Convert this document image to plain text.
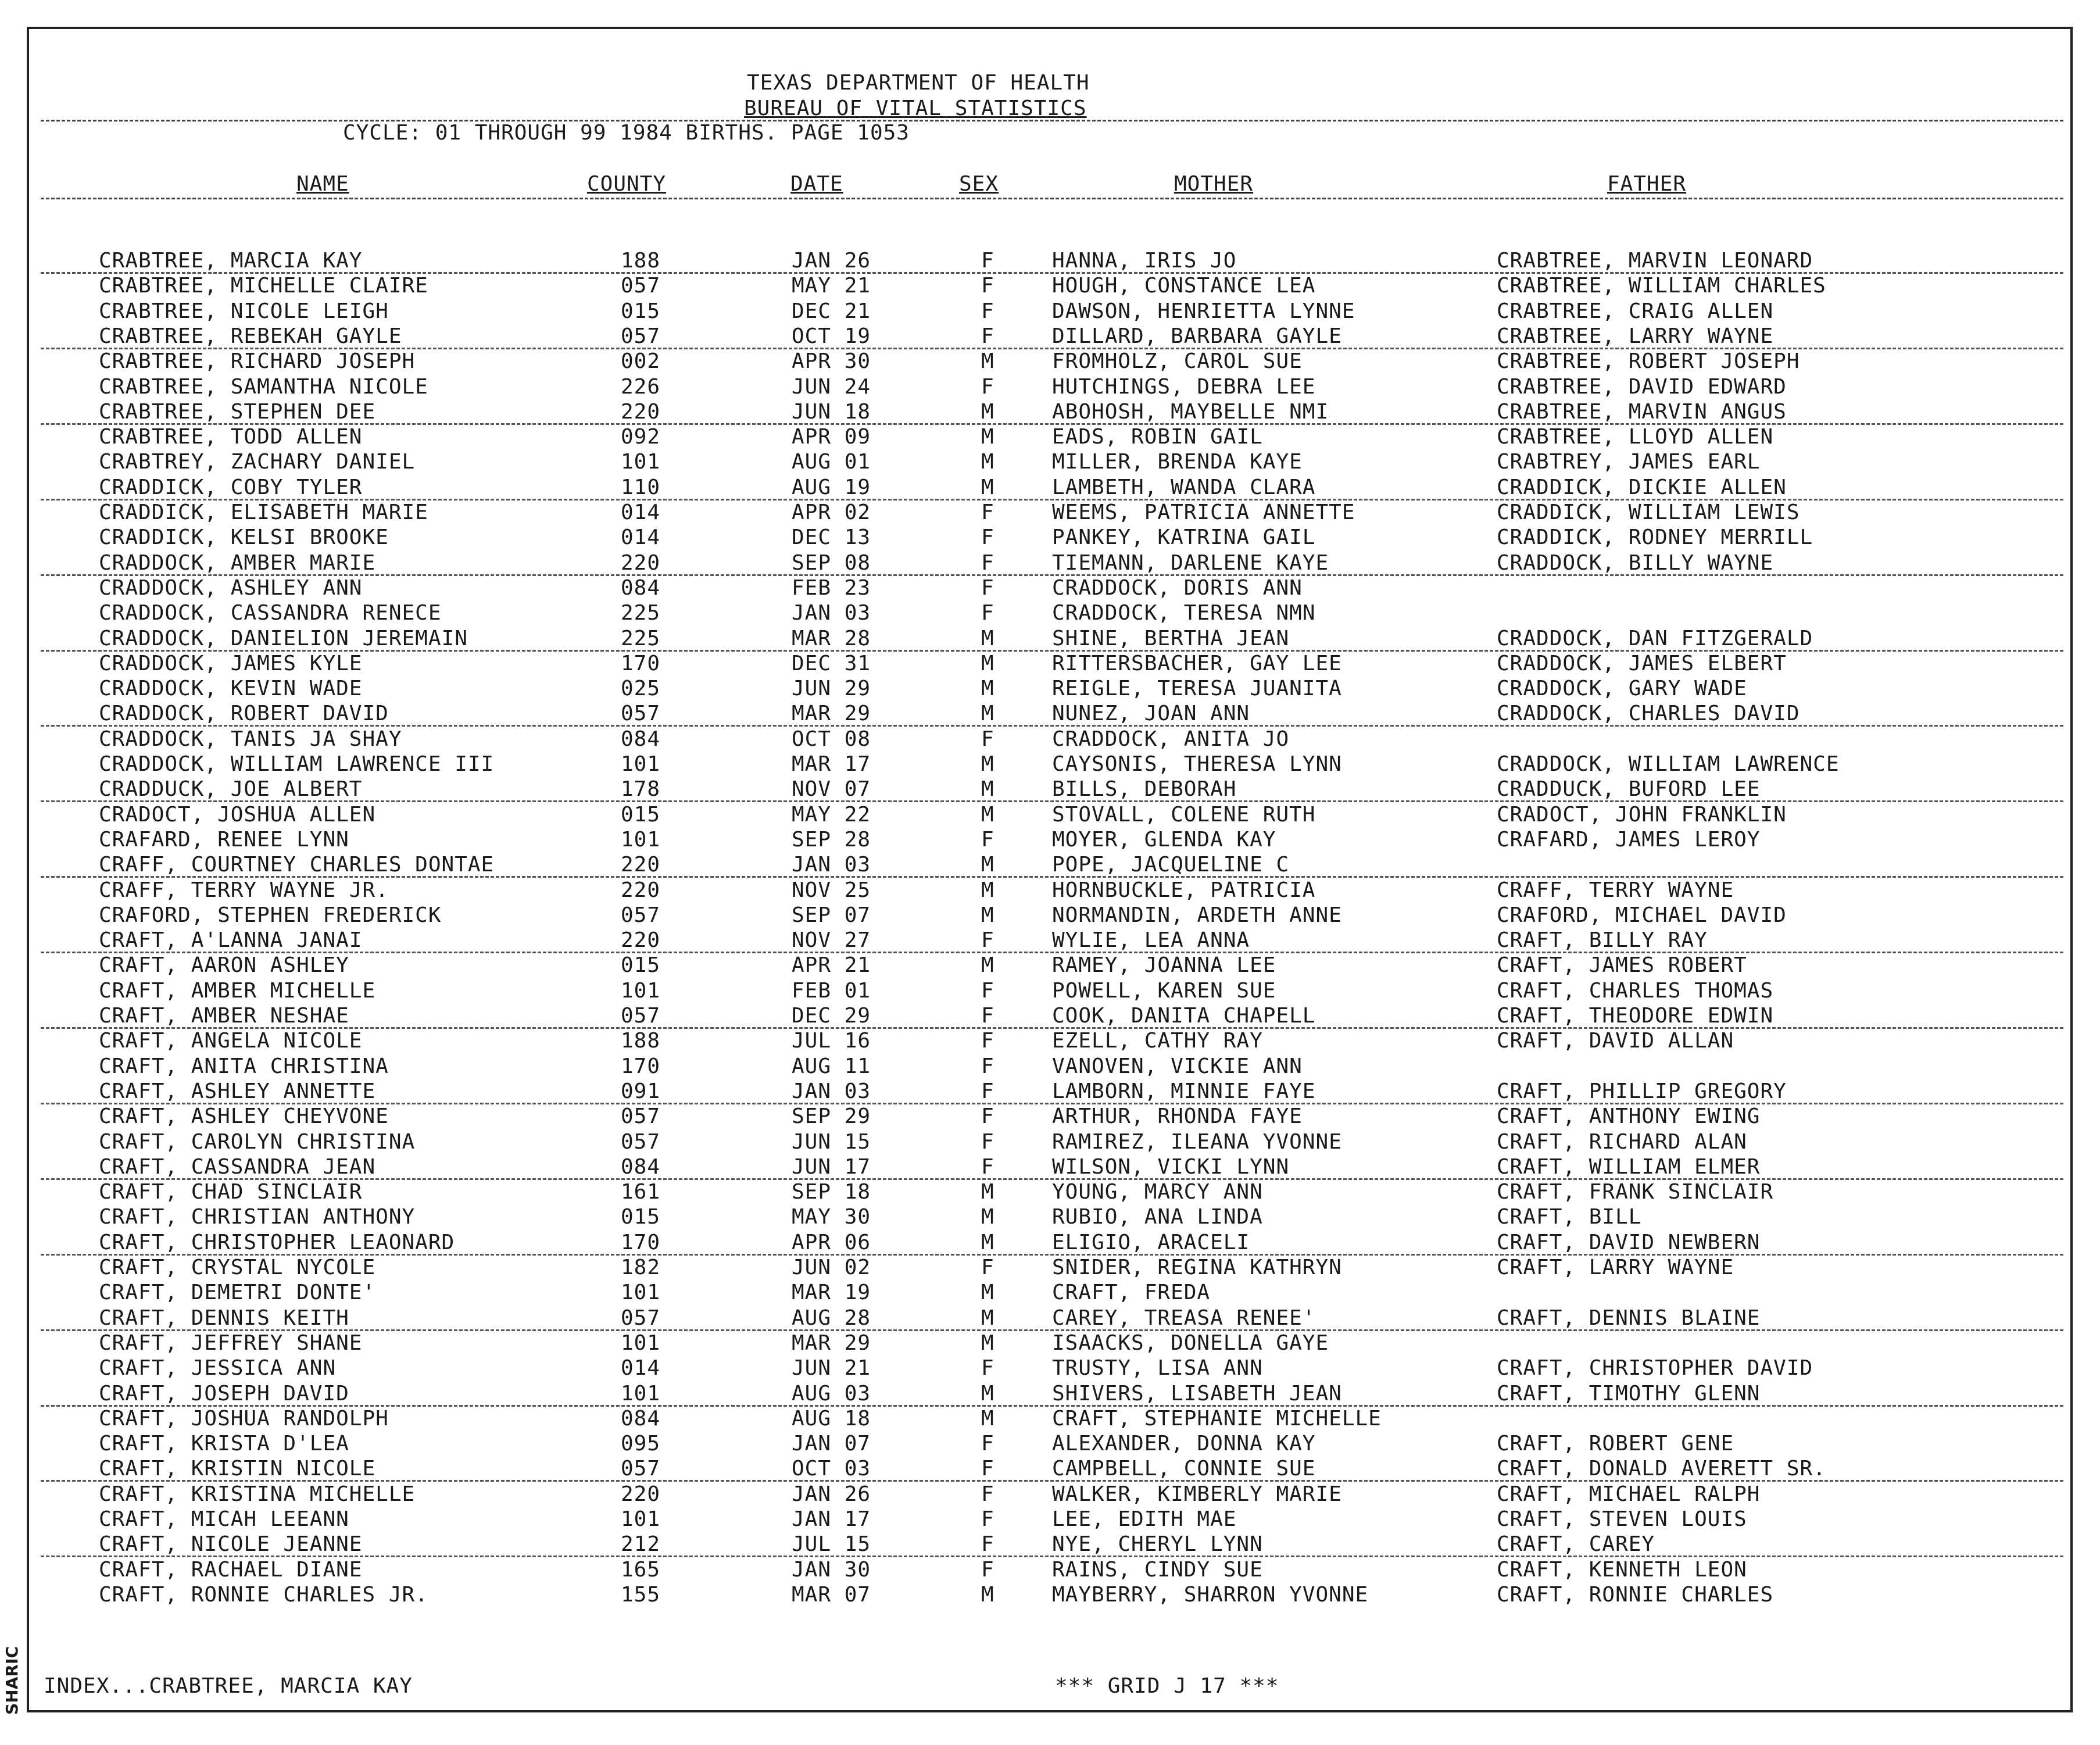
TEXAS DEPARTMENT OF HEALTH
BUREAU OF VITAL STATISTICS
CYCLE: 01 THROUGH 99 1984 BIRTHS. PAGE 1053
NAME	COUNTY	DATE	SEX	MOTHER	FATHER
CRABTREE, MARCIA KAY	188	JAN 26	F	HANNA, IRIS JO	CRABTREE, MARVIN LEONARD
CRABTREE, MICHELLE CLAIRE	057	MAY 21	F	HOUGH, CONSTANCE LEA	CRABTREE, WILLIAM CHARLES
CRABTREE, NICOLE LEIGH	015	DEC 21	F	DAWSON, HENRIETTA LYNNE	CRABTREE, CRAIG ALLEN
CRABTREE, REBEKAH GAYLE	057	OCT 19	F	DILLARD, BARBARA GAYLE	CRABTREE, LARRY WAYNE
CRABTREE, RICHARD JOSEPH	002	APR 30	M	FROMHOLZ, CAROL SUE	CRABTREE, ROBERT JOSEPH
CRABTREE, SAMANTHA NICOLE	226	JUN 24	F	HUTCHINGS, DEBRA LEE	CRABTREE, DAVID EDWARD
CRABTREE, STEPHEN DEE	220	JUN 18	M	ABOHOSH, MAYBELLE NMI	CRABTREE, MARVIN ANGUS
CRABTREE, TODD ALLEN	092	APR 09	M	EADS, ROBIN GAIL	CRABTREE, LLOYD ALLEN
CRABTREY, ZACHARY DANIEL	101	AUG 01	M	MILLER, BRENDA KAYE	CRABTREY, JAMES EARL
CRADDICK, COBY TYLER	110	AUG 19	M	LAMBETH, WANDA CLARA	CRADDICK, DICKIE ALLEN
CRADDICK, ELISABETH MARIE	014	APR 02	F	WEEMS, PATRICIA ANNETTE	CRADDICK, WILLIAM LEWIS
CRADDICK, KELSI BROOKE	014	DEC 13	F	PANKEY, KATRINA GAIL	CRADDICK, RODNEY MERRILL
CRADDOCK, AMBER MARIE	220	SEP 08	F	TIEMANN, DARLENE KAYE	CRADDOCK, BILLY WAYNE
CRADDOCK, ASHLEY ANN	084	FEB 23	F	CRADDOCK, DORIS ANN
CRADDOCK, CASSANDRA RENECE	225	JAN 03	F	CRADDOCK, TERESA NMN
CRADDOCK, DANIELION JEREMAIN	225	MAR 28	M	SHINE, BERTHA JEAN	CRADDOCK, DAN FITZGERALD
CRADDOCK, JAMES KYLE	170	DEC 31	M	RITTERSBACHER, GAY LEE	CRADDOCK, JAMES ELBERT
CRADDOCK, KEVIN WADE	025	JUN 29	M	REIGLE, TERESA JUANITA	CRADDOCK, GARY WADE
CRADDOCK, ROBERT DAVID	057	MAR 29	M	NUNEZ, JOAN ANN	CRADDOCK, CHARLES DAVID
CRADDOCK, TANIS JA SHAY	084	OCT 08	F	CRADDOCK, ANITA JO
CRADDOCK, WILLIAM LAWRENCE III	101	MAR 17	M	CAYSONIS, THERESA LYNN	CRADDOCK, WILLIAM LAWRENCE
CRADDUCK, JOE ALBERT	178	NOV 07	M	BILLS, DEBORAH	CRADDUCK, BUFORD LEE
CRADOCT, JOSHUA ALLEN	015	MAY 22	M	STOVALL, COLENE RUTH	CRADOCT, JOHN FRANKLIN
CRAFARD, RENEE LYNN	101	SEP 28	F	MOYER, GLENDA KAY	CRAFARD, JAMES LEROY
CRAFF, COURTNEY CHARLES DONTAE	220	JAN 03	M	POPE, JACQUELINE C
CRAFF, TERRY WAYNE JR.	220	NOV 25	M	HORNBUCKLE, PATRICIA	CRAFF, TERRY WAYNE
CRAFORD, STEPHEN FREDERICK	057	SEP 07	M	NORMANDIN, ARDETH ANNE	CRAFORD, MICHAEL DAVID
CRAFT, A'LANNA JANAI	220	NOV 27	F	WYLIE, LEA ANNA	CRAFT, BILLY RAY
CRAFT, AARON ASHLEY	015	APR 21	M	RAMEY, JOANNA LEE	CRAFT, JAMES ROBERT
CRAFT, AMBER MICHELLE	101	FEB 01	F	POWELL, KAREN SUE	CRAFT, CHARLES THOMAS
CRAFT, AMBER NESHAE	057	DEC 29	F	COOK, DANITA CHAPELL	CRAFT, THEODORE EDWIN
CRAFT, ANGELA NICOLE	188	JUL 16	F	EZELL, CATHY RAY	CRAFT, DAVID ALLAN
CRAFT, ANITA CHRISTINA	170	AUG 11	F	VANOVEN, VICKIE ANN
CRAFT, ASHLEY ANNETTE	091	JAN 03	F	LAMBORN, MINNIE FAYE	CRAFT, PHILLIP GREGORY
CRAFT, ASHLEY CHEYVONE	057	SEP 29	F	ARTHUR, RHONDA FAYE	CRAFT, ANTHONY EWING
CRAFT, CAROLYN CHRISTINA	057	JUN 15	F	RAMIREZ, ILEANA YVONNE	CRAFT, RICHARD ALAN
CRAFT, CASSANDRA JEAN	084	JUN 17	F	WILSON, VICKI LYNN	CRAFT, WILLIAM ELMER
CRAFT, CHAD SINCLAIR	161	SEP 18	M	YOUNG, MARCY ANN	CRAFT, FRANK SINCLAIR
CRAFT, CHRISTIAN ANTHONY	015	MAY 30	M	RUBIO, ANA LINDA	CRAFT, BILL
CRAFT, CHRISTOPHER LEAONARD	170	APR 06	M	ELIGIO, ARACELI	CRAFT, DAVID NEWBERN
CRAFT, CRYSTAL NYCOLE	182	JUN 02	F	SNIDER, REGINA KATHRYN	CRAFT, LARRY WAYNE
CRAFT, DEMETRI DONTE'	101	MAR 19	M	CRAFT, FREDA
CRAFT, DENNIS KEITH	057	AUG 28	M	CAREY, TREASA RENEE'	CRAFT, DENNIS BLAINE
CRAFT, JEFFREY SHANE	101	MAR 29	M	ISAACKS, DONELLA GAYE
CRAFT, JESSICA ANN	014	JUN 21	F	TRUSTY, LISA ANN	CRAFT, CHRISTOPHER DAVID
CRAFT, JOSEPH DAVID	101	AUG 03	M	SHIVERS, LISABETH JEAN	CRAFT, TIMOTHY GLENN
CRAFT, JOSHUA RANDOLPH	084	AUG 18	M	CRAFT, STEPHANIE MICHELLE
CRAFT, KRISTA D'LEA	095	JAN 07	F	ALEXANDER, DONNA KAY	CRAFT, ROBERT GENE
CRAFT, KRISTIN NICOLE	057	OCT 03	F	CAMPBELL, CONNIE SUE	CRAFT, DONALD AVERETT SR.
CRAFT, KRISTINA MICHELLE	220	JAN 26	F	WALKER, KIMBERLY MARIE	CRAFT, MICHAEL RALPH
CRAFT, MICAH LEEANN	101	JAN 17	F	LEE, EDITH MAE	CRAFT, STEVEN LOUIS
CRAFT, NICOLE JEANNE	212	JUL 15	F	NYE, CHERYL LYNN	CRAFT, CAREY
CRAFT, RACHAEL DIANE	165	JAN 30	F	RAINS, CINDY SUE	CRAFT, KENNETH LEON
CRAFT, RONNIE CHARLES JR.	155	MAR 07	M	MAYBERRY, SHARRON YVONNE	CRAFT, RONNIE CHARLES
INDEX...CRABTREE, MARCIA KAY	*** GRID J 17 ***
SHARIC
